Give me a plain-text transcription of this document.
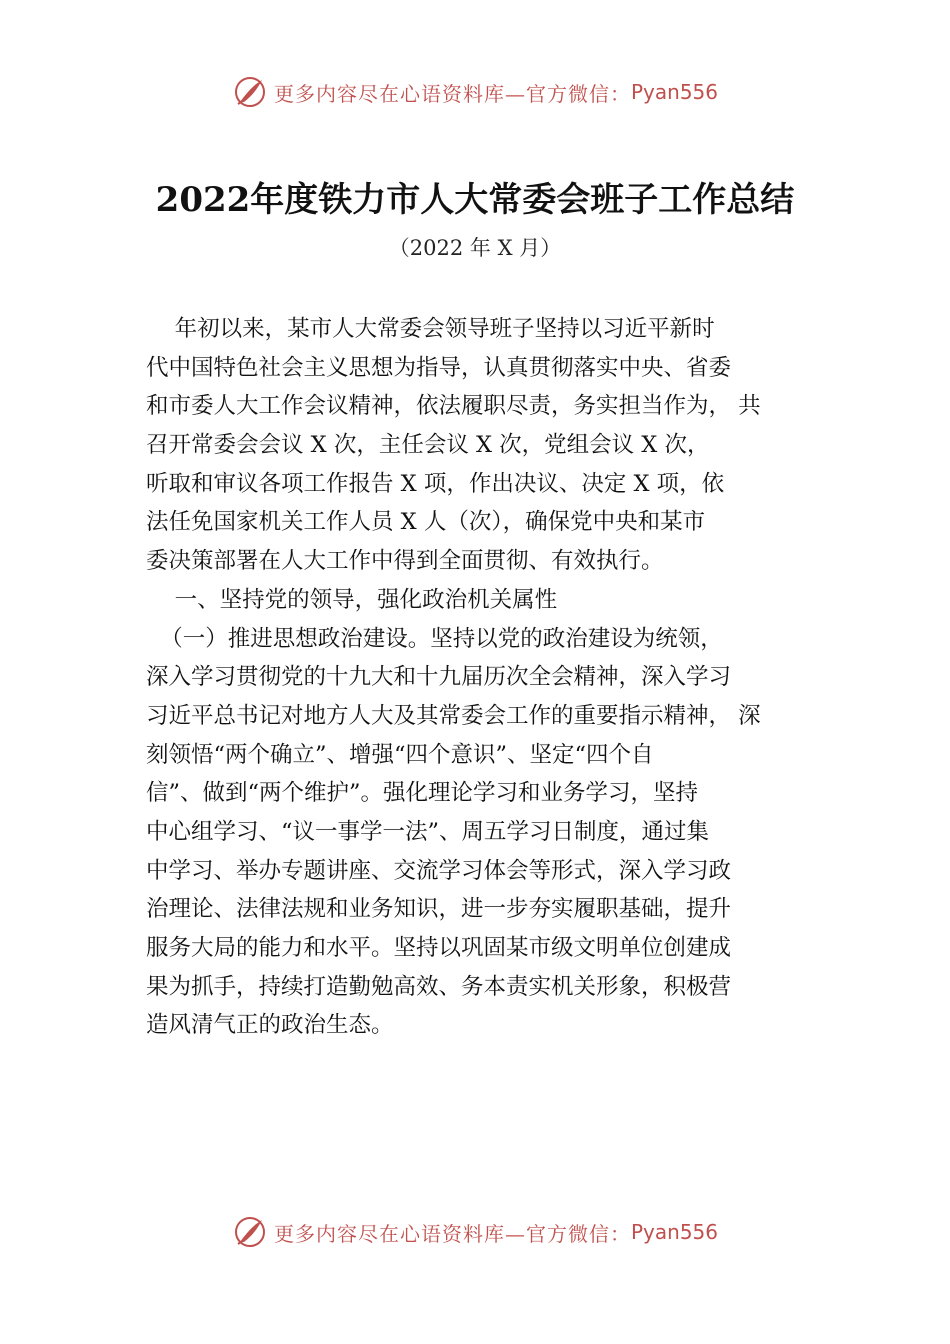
更多内容尽在心语资料库—官方微信： Pyan556
2022年度铁力市人大常委会班子工作总结
（2022 年 X 月）
年初以来，某市人大常委会领导班子坚持以习近平新时
代中国特色社会主义思想为指导，认真贯彻落实中央、省委
和市委人大工作会议精神，依法履职尽责，务实担当作为， 共
召开常委会会议 X 次，主任会议 X 次，党组会议 X 次，
听取和审议各项工作报告 X 项，作出决议、决定 X 项，依
法任免国家机关工作人员 X 人（次），确保党中央和某市
委决策部署在人大工作中得到全面贯彻、有效执行。
一、坚持党的领导，强化政治机关属性
（一）推进思想政治建设。坚持以党的政治建设为统领，
深入学习贯彻党的十九大和十九届历次全会精神，深入学习
习近平总书记对地方人大及其常委会工作的重要指示精神， 深
刻领悟“两个确立”、增强“四个意识”、坚定“四个自
信”、做到“两个维护”。强化理论学习和业务学习，坚持
中心组学习、“议一事学一法”、周五学习日制度，通过集
中学习、举办专题讲座、交流学习体会等形式，深入学习政
治理论、法律法规和业务知识，进一步夯实履职基础，提升
服务大局的能力和水平。坚持以巩固某市级文明单位创建成
果为抓手，持续打造勤勉高效、务本责实机关形象，积极营
造风清气正的政治生态。
更多内容尽在心语资料库—官方微信： Pyan556
